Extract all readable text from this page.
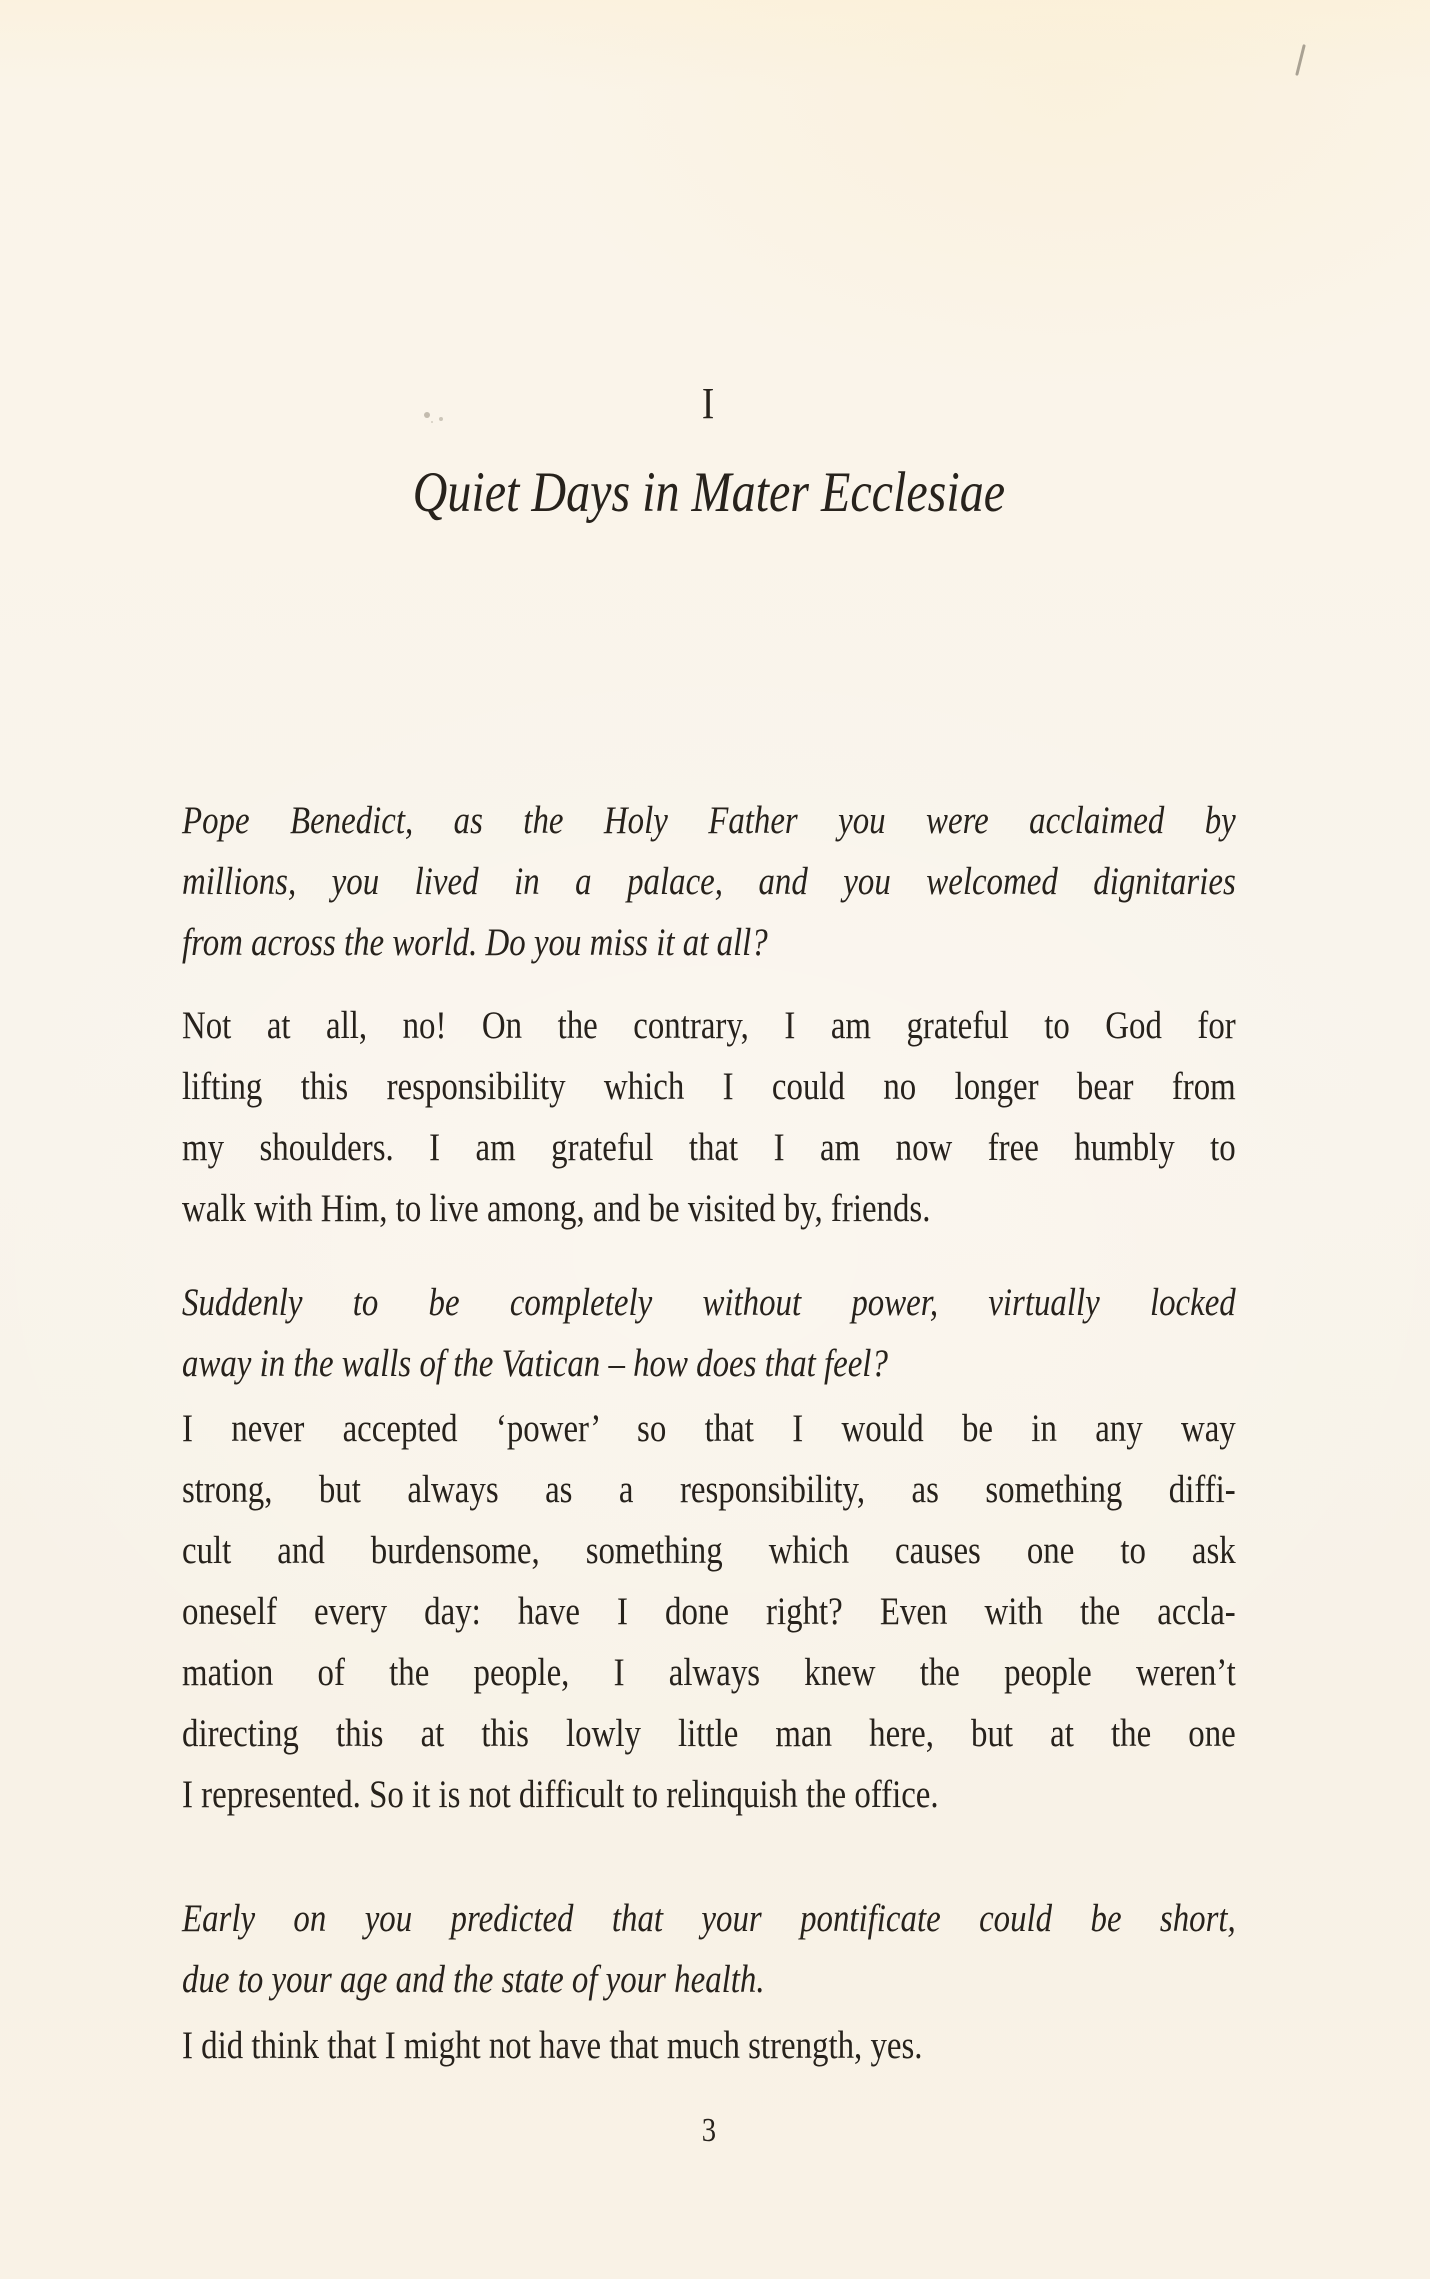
I
Quiet Days in Mater Ecclesiae
Pope Benedict, as the Holy Father you were acclaimed by
millions, you lived in a palace, and you welcomed dignitaries
from across the world. Do you miss it at all?
Not at all, no! On the contrary, I am grateful to God for
lifting this responsibility which I could no longer bear from
my shoulders. I am grateful that I am now free humbly to
walk with Him, to live among, and be visited by, friends.
Suddenly to be completely without power, virtually locked
away in the walls of the Vatican – how does that feel?
I never accepted ‘power’ so that I would be in any way
strong, but always as a responsibility, as something diffi-
cult and burdensome, something which causes one to ask
oneself every day: have I done right? Even with the accla-
mation of the people, I always knew the people weren’t
directing this at this lowly little man here, but at the one
I represented. So it is not difficult to relinquish the office.
Early on you predicted that your pontificate could be short,
due to your age and the state of your health.
I did think that I might not have that much strength, yes.
3
